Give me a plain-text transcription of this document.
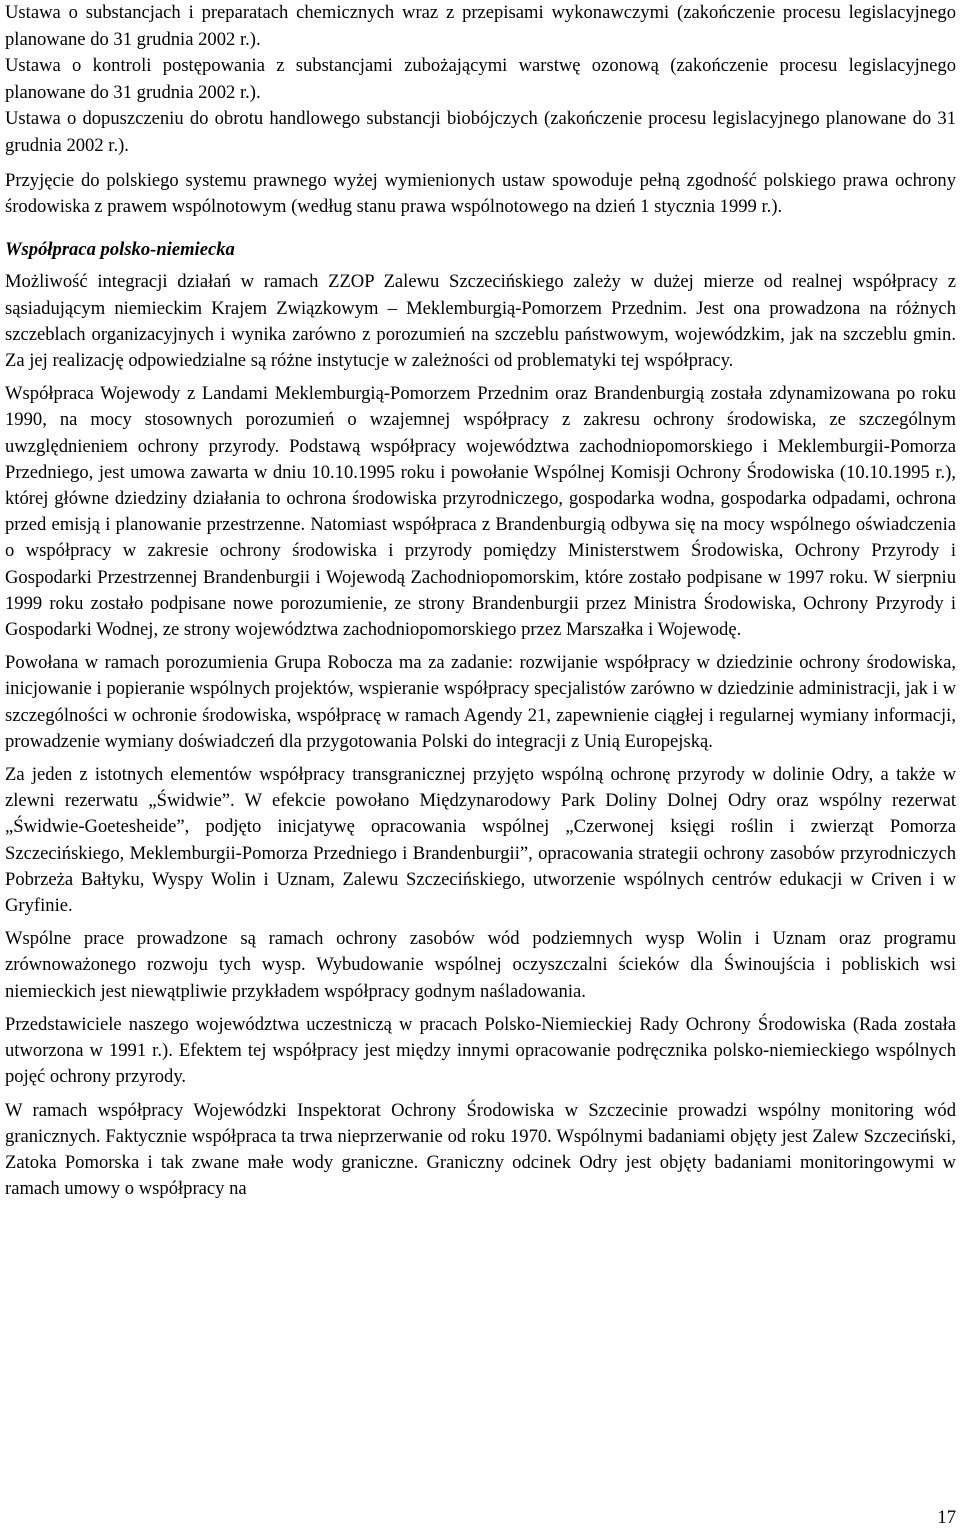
Ustawa o substancjach i preparatach chemicznych wraz z przepisami wykonawczymi (zakończenie procesu legislacyjnego planowane do 31 grudnia 2002 r.).

Ustawa o kontroli postępowania z substancjami zubożającymi warstwę ozonową (zakończenie procesu legislacyjnego planowane do 31 grudnia 2002 r.).

Ustawa o dopuszczeniu do obrotu handlowego substancji biobójczych (zakończenie procesu legislacyjnego planowane do 31 grudnia 2002 r.).

Przyjęcie do polskiego systemu prawnego wyżej wymienionych ustaw spowoduje pełną zgodność polskiego prawa ochrony środowiska z prawem wspólnotowym (według stanu prawa wspólnotowego na dzień 1 stycznia 1999 r.).

Współpraca polsko-niemiecka

Możliwość integracji działań w ramach ZZOP Zalewu Szczecińskiego zależy w dużej mierze od realnej współpracy z sąsiadującym niemieckim Krajem Związkowym – Meklemburgią-Pomorzem Przednim. Jest ona prowadzona na różnych szczeblach organizacyjnych i wynika zarówno z porozumień na szczeblu państwowym, wojewódzkim, jak na szczeblu gmin. Za jej realizację odpowiedzialne są różne instytucje w zależności od problematyki tej współpracy.

Współpraca Wojewody z Landami Meklemburgią-Pomorzem Przednim oraz Brandenburgią została zdynamizowana po roku 1990, na mocy stosownych porozumień o wzajemnej współpracy z zakresu ochrony środowiska, ze szczególnym uwzględnieniem ochrony przyrody. Podstawą współpracy województwa zachodniopomorskiego i Meklemburgii-Pomorza Przedniego, jest umowa zawarta w dniu 10.10.1995 roku i powołanie Wspólnej Komisji Ochrony Środowiska (10.10.1995 r.), której główne dziedziny działania to ochrona środowiska przyrodniczego, gospodarka wodna, gospodarka odpadami, ochrona przed emisją i planowanie przestrzenne. Natomiast współpraca z Brandenburgią odbywa się na mocy wspólnego oświadczenia o współpracy w zakresie ochrony środowiska i przyrody pomiędzy Ministerstwem Środowiska, Ochrony Przyrody i Gospodarki Przestrzennej Brandenburgii i Wojewodą Zachodniopomorskim, które zostało podpisane w 1997 roku. W sierpniu 1999 roku zostało podpisane nowe porozumienie, ze strony Brandenburgii przez Ministra Środowiska, Ochrony Przyrody i Gospodarki Wodnej, ze strony województwa zachodniopomorskiego przez Marszałka i Wojewodę.

Powołana w ramach porozumienia Grupa Robocza ma za zadanie: rozwijanie współpracy w dziedzinie ochrony środowiska, inicjowanie i popieranie wspólnych projektów, wspieranie współpracy specjalistów zarówno w dziedzinie administracji, jak i w szczególności w ochronie środowiska, współpracę w ramach Agendy 21, zapewnienie ciągłej i regularnej wymiany informacji, prowadzenie wymiany doświadczeń dla przygotowania Polski do integracji z Unią Europejską.

Za jeden z istotnych elementów współpracy transgranicznej przyjęto wspólną ochronę przyrody w dolinie Odry, a także w zlewni rezerwatu „Świdwie”. W efekcie powołano Międzynarodowy Park Doliny Dolnej Odry oraz wspólny rezerwat „Świdwie-Goetesheide”, podjęto inicjatywę opracowania wspólnej „Czerwonej księgi roślin i zwierząt Pomorza Szczecińskiego, Meklemburgii-Pomorza Przedniego i Brandenburgii”, opracowania strategii ochrony zasobów przyrodniczych Pobrzeża Bałtyku, Wyspy Wolin i Uznam, Zalewu Szczecińskiego, utworzenie wspólnych centrów edukacji w Criven i w Gryfinie.

Wspólne prace prowadzone są ramach ochrony zasobów wód podziemnych wysp Wolin i Uznam oraz programu zrównoważonego rozwoju tych wysp. Wybudowanie wspólnej oczyszczalni ścieków dla Świnoujścia i pobliskich wsi niemieckich jest niewątpliwie przykładem współpracy godnym naśladowania.

Przedstawiciele naszego województwa uczestniczą w pracach Polsko-Niemieckiej Rady Ochrony Środowiska (Rada została utworzona w 1991 r.). Efektem tej współpracy jest między innymi opracowanie podręcznika polsko-niemieckiego wspólnych pojęć ochrony przyrody.

W ramach współpracy Wojewódzki Inspektorat Ochrony Środowiska w Szczecinie prowadzi wspólny monitoring wód granicznych. Faktycznie współpraca ta trwa nieprzerwanie od roku 1970. Wspólnymi badaniami objęty jest Zalew Szczeciński, Zatoka Pomorska i tak zwane małe wody graniczne. Graniczny odcinek Odry jest objęty badaniami monitoringowymi w ramach umowy o współpracy na

17
